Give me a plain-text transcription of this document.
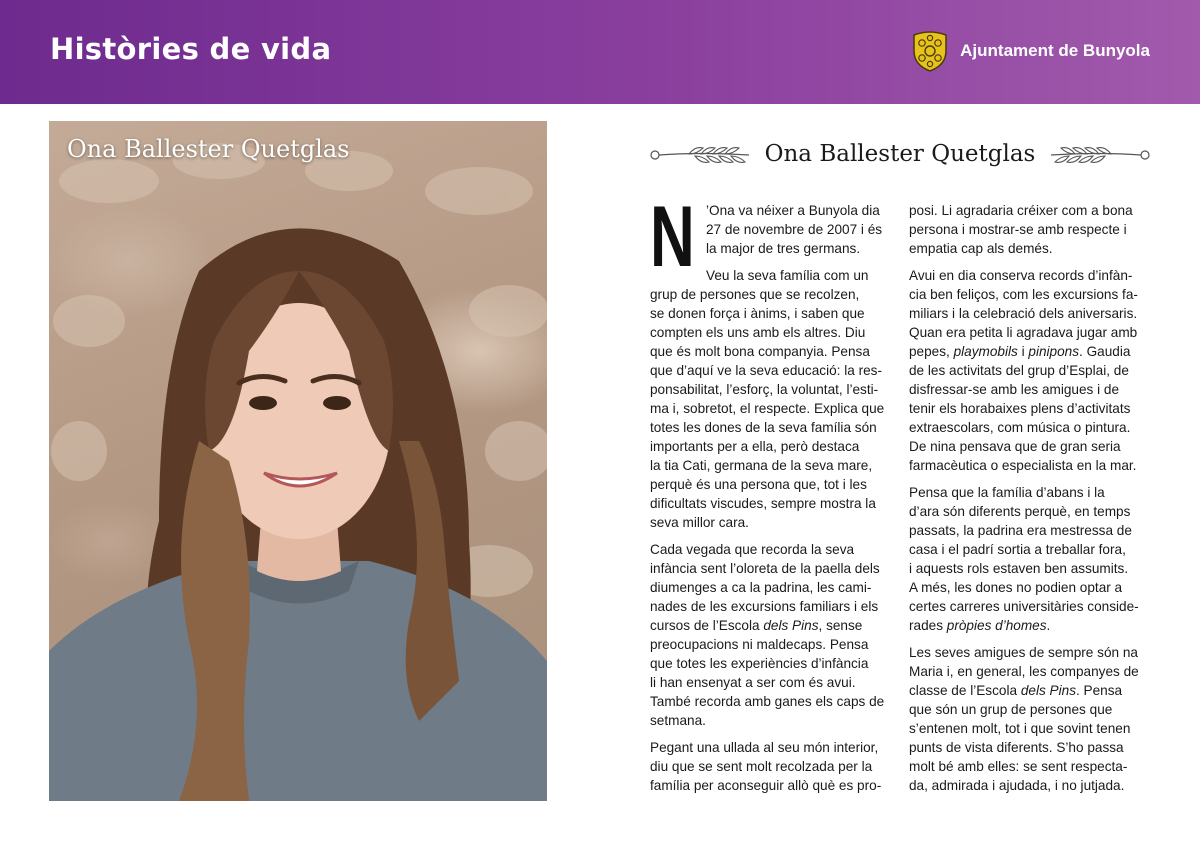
Històries de vida	Ajuntament de Bunyola
Ona Ballester Quetglas	Ona Ballester Quetglas
N ’Ona va néixer a Bunyola dia
27 de novembre de 2007 i és
la major de tres germans.

Veu la seva família com un
grup de persones que se recolzen,
se donen força i ànims, i saben que
compten els uns amb els altres. Diu
que és molt bona companyia. Pensa
que d’aquí ve la seva educació: la res-
ponsabilitat, l’esforç, la voluntat, l’esti-
ma i, sobretot, el respecte. Explica que
totes les dones de la seva família són
importants per a ella, però destaca
la tia Cati, germana de la seva mare,
perquè és una persona que, tot i les
dificultats viscudes, sempre mostra la
seva millor cara.

Cada vegada que recorda la seva
infància sent l’oloreta de la paella dels
diumenges a ca la padrina, les cami-
nades de les excursions familiars i els
cursos de l’Escola dels Pins, sense
preocupacions ni maldecaps. Pensa
que totes les experiències d’infància
li han ensenyat a ser com és avui.
També recorda amb ganes els caps de
setmana.

Pegant una ullada al seu món interior,
diu que se sent molt recolzada per la
família per aconseguir allò què es pro-

posi. Li agradaria créixer com a bona
persona i mostrar-se amb respecte i
empatia cap als demés.

Avui en dia conserva records d’infàn-
cia ben feliços, com les excursions fa-
miliars i la celebració dels aniversaris.
Quan era petita li agradava jugar amb
pepes, playmobils i pinipons. Gaudia
de les activitats del grup d’Esplai, de
disfressar-se amb les amigues i de
tenir els horabaixes plens d’activitats
extraescolars, com música o pintura.
De nina pensava que de gran seria
farmacèutica o especialista en la mar.

Pensa que la família d’abans i la
d’ara són diferents perquè, en temps
passats, la padrina era mestressa de
casa i el padrí sortia a treballar fora,
i aquests rols estaven ben assumits.
A més, les dones no podien optar a
certes carreres universitàries conside-
rades pròpies d’homes.

Les seves amigues de sempre són na
Maria i, en general, les companyes de
classe de l’Escola dels Pins. Pensa
que són un grup de persones que
s’entenen molt, tot i que sovint tenen
punts de vista diferents. S’ho passa
molt bé amb elles: se sent respecta-
da, admirada i ajudada, i no jutjada.
